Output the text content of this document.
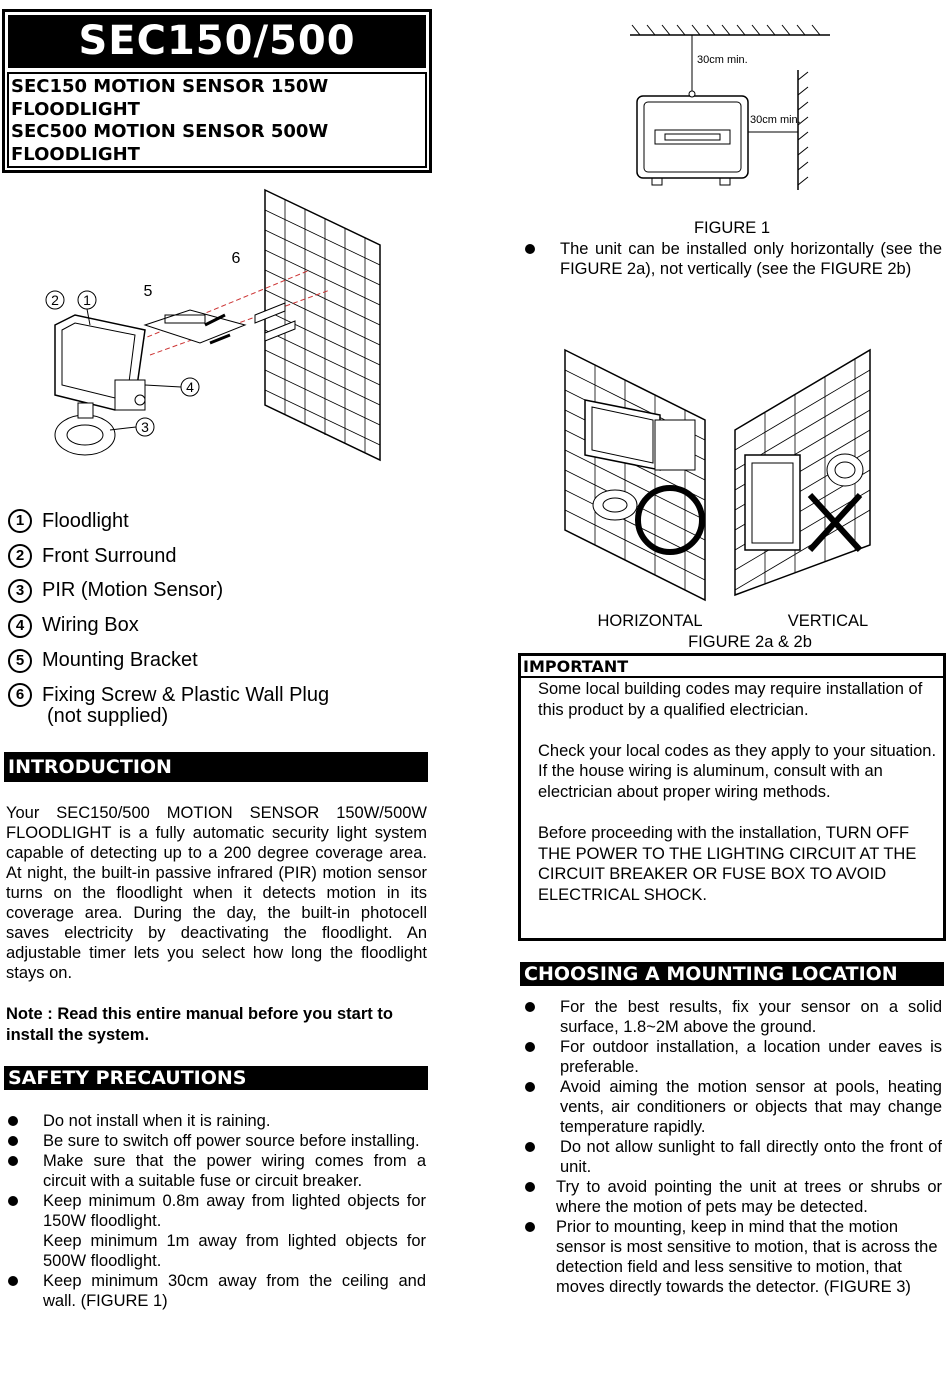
SEC150/500
SEC150 MOTION SENSOR 150W
FLOODLIGHT
SEC500 MOTION SENSOR 500W
FLOODLIGHT
30cm min.
30cm min.
FIGURE 1
2 1	5
6
4
3
1 Floodlight
2 Front Surround
3 PIR (Motion Sensor)
4 Wiring Box
5 Mounting Bracket
6 Fixing Screw & Plastic Wall Plug
(not supplied)
INTRODUCTION
Your SEC150/500 MOTION SENSOR 150W/500W FLOODLIGHT is a fully automatic security light system capable of detecting up to a 200 degree coverage area. At night, the built-in passive infrared (PIR) motion sensor turns on the floodlight when it detects motion in its coverage area. During the day, the built-in photocell saves electricity by deactivating the floodlight. An adjustable timer lets you select how long the floodlight stays on.
Note : Read this entire manual before you start to install the system.
SAFETY PRECAUTIONS
Do not install when it is raining.
Be sure to switch off power source before installing.
Make sure that the power wiring comes from a circuit with a suitable fuse or circuit breaker.
Keep minimum 0.8m away from lighted objects for 150W floodlight.
Keep minimum 1m away from lighted objects for 500W floodlight.
Keep minimum 30cm away from the ceiling and wall. (FIGURE 1)
The unit can be installed only horizontally (see the FIGURE 2a), not vertically (see the FIGURE 2b)
HORIZONTAL	VERTICAL
FIGURE 2a & 2b
IMPORTANT

Some local building codes may require installation of this product by a qualified electrician.

Check your local codes as they apply to your situation. If the house wiring is aluminum, consult with an electrician about proper wiring methods.

Before proceeding with the installation, TURN OFF THE POWER TO THE LIGHTING CIRCUIT AT THE CIRCUIT BREAKER OR FUSE BOX TO AVOID ELECTRICAL SHOCK.

CHOOSING A MOUNTING LOCATION
For the best results, fix your sensor on a solid surface, 1.8~2M above the ground.
For outdoor installation, a location under eaves is preferable.
Avoid aiming the motion sensor at pools, heating vents, air conditioners or objects that may change temperature rapidly.
Do not allow sunlight to fall directly onto the front of unit.
Try to avoid pointing the unit at trees or shrubs or where the motion of pets may be detected.
Prior to mounting, keep in mind that the motion sensor is most sensitive to motion, that is across the detection field and less sensitive to motion, that moves directly towards the detector. (FIGURE 3)
